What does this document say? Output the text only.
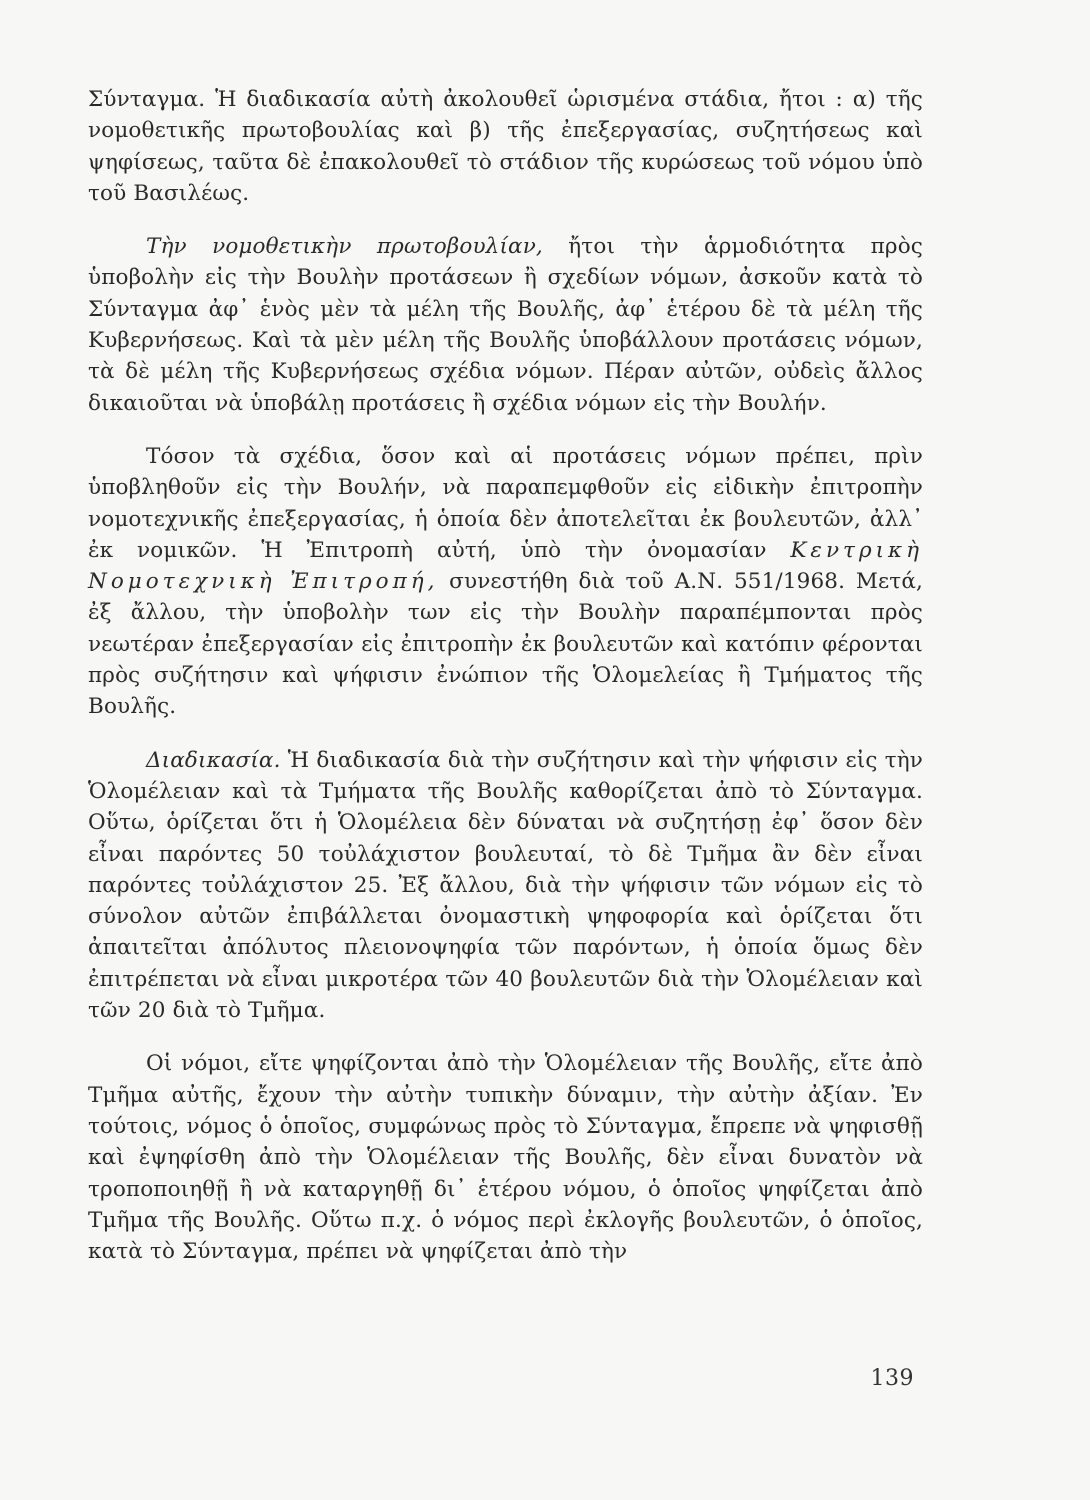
Σύνταγμα. Ἡ διαδικασία αὐτὴ ἀκολουθεῖ ὡρισμένα στάδια, ἤτοι : α) τῆς νομοθετικῆς πρωτοβουλίας καὶ β) τῆς ἐπεξεργασίας, συζητήσεως καὶ ψηφίσεως, ταῦτα δὲ ἐπακολουθεῖ τὸ στάδιον τῆς κυρώσεως τοῦ νόμου ὑπὸ τοῦ Βασιλέως.

Τὴν νομοθετικὴν πρωτοβουλίαν, ἤτοι τὴν ἁρμοδιότητα πρὸς ὑποβολὴν εἰς τὴν Βουλὴν προτάσεων ἢ σχεδίων νόμων, ἀσκοῦν κατὰ τὸ Σύνταγμα ἀφ᾽ ἑνὸς μὲν τὰ μέλη τῆς Βουλῆς, ἀφ᾽ ἑτέρου δὲ τὰ μέλη τῆς Κυβερνήσεως. Καὶ τὰ μὲν μέλη τῆς Βουλῆς ὑποβάλλουν προτάσεις νόμων, τὰ δὲ μέλη τῆς Κυβερνήσεως σχέδια νόμων. Πέραν αὐτῶν, οὐδεὶς ἄλλος δικαιοῦται νὰ ὑποβάλῃ προτάσεις ἢ σχέδια νόμων εἰς τὴν Βουλήν.

Τόσον τὰ σχέδια, ὅσον καὶ αἱ προτάσεις νόμων πρέπει, πρὶν ὑποβληθοῦν εἰς τὴν Βουλήν, νὰ παραπεμφθοῦν εἰς εἰδικὴν ἐπιτροπὴν νομοτεχνικῆς ἐπεξεργασίας, ἡ ὁποία δὲν ἀποτελεῖται ἐκ βουλευτῶν, ἀλλ᾽ ἐκ νομικῶν. Ἡ Ἐπιτροπὴ αὐτή, ὑπὸ τὴν ὀνομασίαν Κεντρικὴ Νομοτεχνικὴ Ἐπιτροπή, συνεστήθη διὰ τοῦ Α.Ν. 551/1968. Μετά, ἐξ ἄλλου, τὴν ὑποβολὴν των εἰς τὴν Βουλὴν παραπέμπονται πρὸς νεωτέραν ἐπεξεργασίαν εἰς ἐπιτροπὴν ἐκ βουλευτῶν καὶ κατόπιν φέρονται πρὸς συζήτησιν καὶ ψήφισιν ἐνώπιον τῆς Ὁλομελείας ἢ Τμήματος τῆς Βουλῆς.

Διαδικασία. Ἡ διαδικασία διὰ τὴν συζήτησιν καὶ τὴν ψήφισιν εἰς τὴν Ὁλομέλειαν καὶ τὰ Τμήματα τῆς Βουλῆς καθορίζεται ἀπὸ τὸ Σύνταγμα. Οὕτω, ὁρίζεται ὅτι ἡ Ὁλομέλεια δὲν δύναται νὰ συζητήσῃ ἐφ᾽ ὅσον δὲν εἶναι παρόντες 50 τοὐλάχιστον βουλευταί, τὸ δὲ Τμῆμα ἂν δὲν εἶναι παρόντες τοὐλάχιστον 25. Ἐξ ἄλλου, διὰ τὴν ψήφισιν τῶν νόμων εἰς τὸ σύνολον αὐτῶν ἐπιβάλλεται ὀνομαστικὴ ψηφοφορία καὶ ὁρίζεται ὅτι ἀπαιτεῖται ἀπόλυτος πλειονοψηφία τῶν παρόντων, ἡ ὁποία ὅμως δὲν ἐπιτρέπεται νὰ εἶναι μικροτέρα τῶν 40 βουλευτῶν διὰ τὴν Ὁλομέλειαν καὶ τῶν 20 διὰ τὸ Τμῆμα.

Οἱ νόμοι, εἴτε ψηφίζονται ἀπὸ τὴν Ὁλομέλειαν τῆς Βουλῆς, εἴτε ἀπὸ Τμῆμα αὐτῆς, ἔχουν τὴν αὐτὴν τυπικὴν δύναμιν, τὴν αὐτὴν ἀξίαν. Ἐν τούτοις, νόμος ὁ ὁποῖος, συμφώνως πρὸς τὸ Σύνταγμα, ἔπρεπε νὰ ψηφισθῇ καὶ ἐψηφίσθη ἀπὸ τὴν Ὁλομέλειαν τῆς Βουλῆς, δὲν εἶναι δυνατὸν νὰ τροποποιηθῇ ἢ νὰ καταργηθῇ δι᾽ ἑτέρου νόμου, ὁ ὁποῖος ψηφίζεται ἀπὸ Τμῆμα τῆς Βουλῆς. Οὕτω π.χ. ὁ νόμος περὶ ἐκλογῆς βουλευτῶν, ὁ ὁποῖος, κατὰ τὸ Σύνταγμα, πρέπει νὰ ψηφίζεται ἀπὸ τὴν

139
